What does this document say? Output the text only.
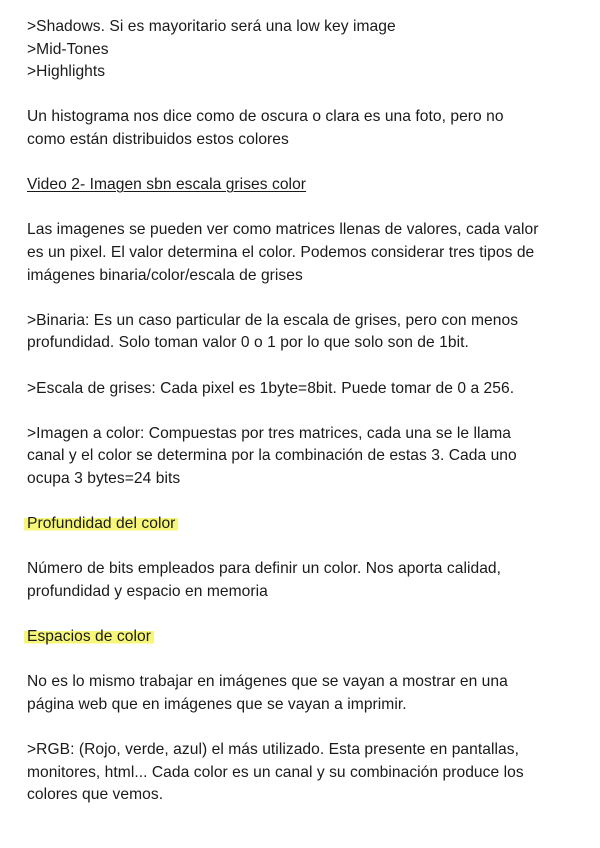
>Shadows. Si es mayoritario será una low key image
>Mid-Tones
>Highlights
Un histograma nos dice como de oscura o clara es una foto, pero no
como están distribuidos estos colores
Video 2- Imagen sbn escala grises color
Las imagenes se pueden ver como matrices llenas de valores, cada valor
es un pixel. El valor determina el color. Podemos considerar tres tipos de
imágenes binaria/color/escala de grises
>Binaria: Es un caso particular de la escala de grises, pero con menos
profundidad. Solo toman valor 0 o 1 por lo que solo son de 1bit.
>Escala de grises: Cada pixel es 1byte=8bit. Puede tomar de 0 a 256.
>Imagen a color: Compuestas por tres matrices, cada una se le llama
canal y el color se determina por la combinación de estas 3. Cada uno
ocupa 3 bytes=24 bits
Profundidad del color
Número de bits empleados para definir un color. Nos aporta calidad,
profundidad y espacio en memoria
Espacios de color
No es lo mismo trabajar en imágenes que se vayan a mostrar en una
página web que en imágenes que se vayan a imprimir.
>RGB: (Rojo, verde, azul) el más utilizado. Esta presente en pantallas,
monitores, html... Cada color es un canal y su combinación produce los
colores que vemos.
